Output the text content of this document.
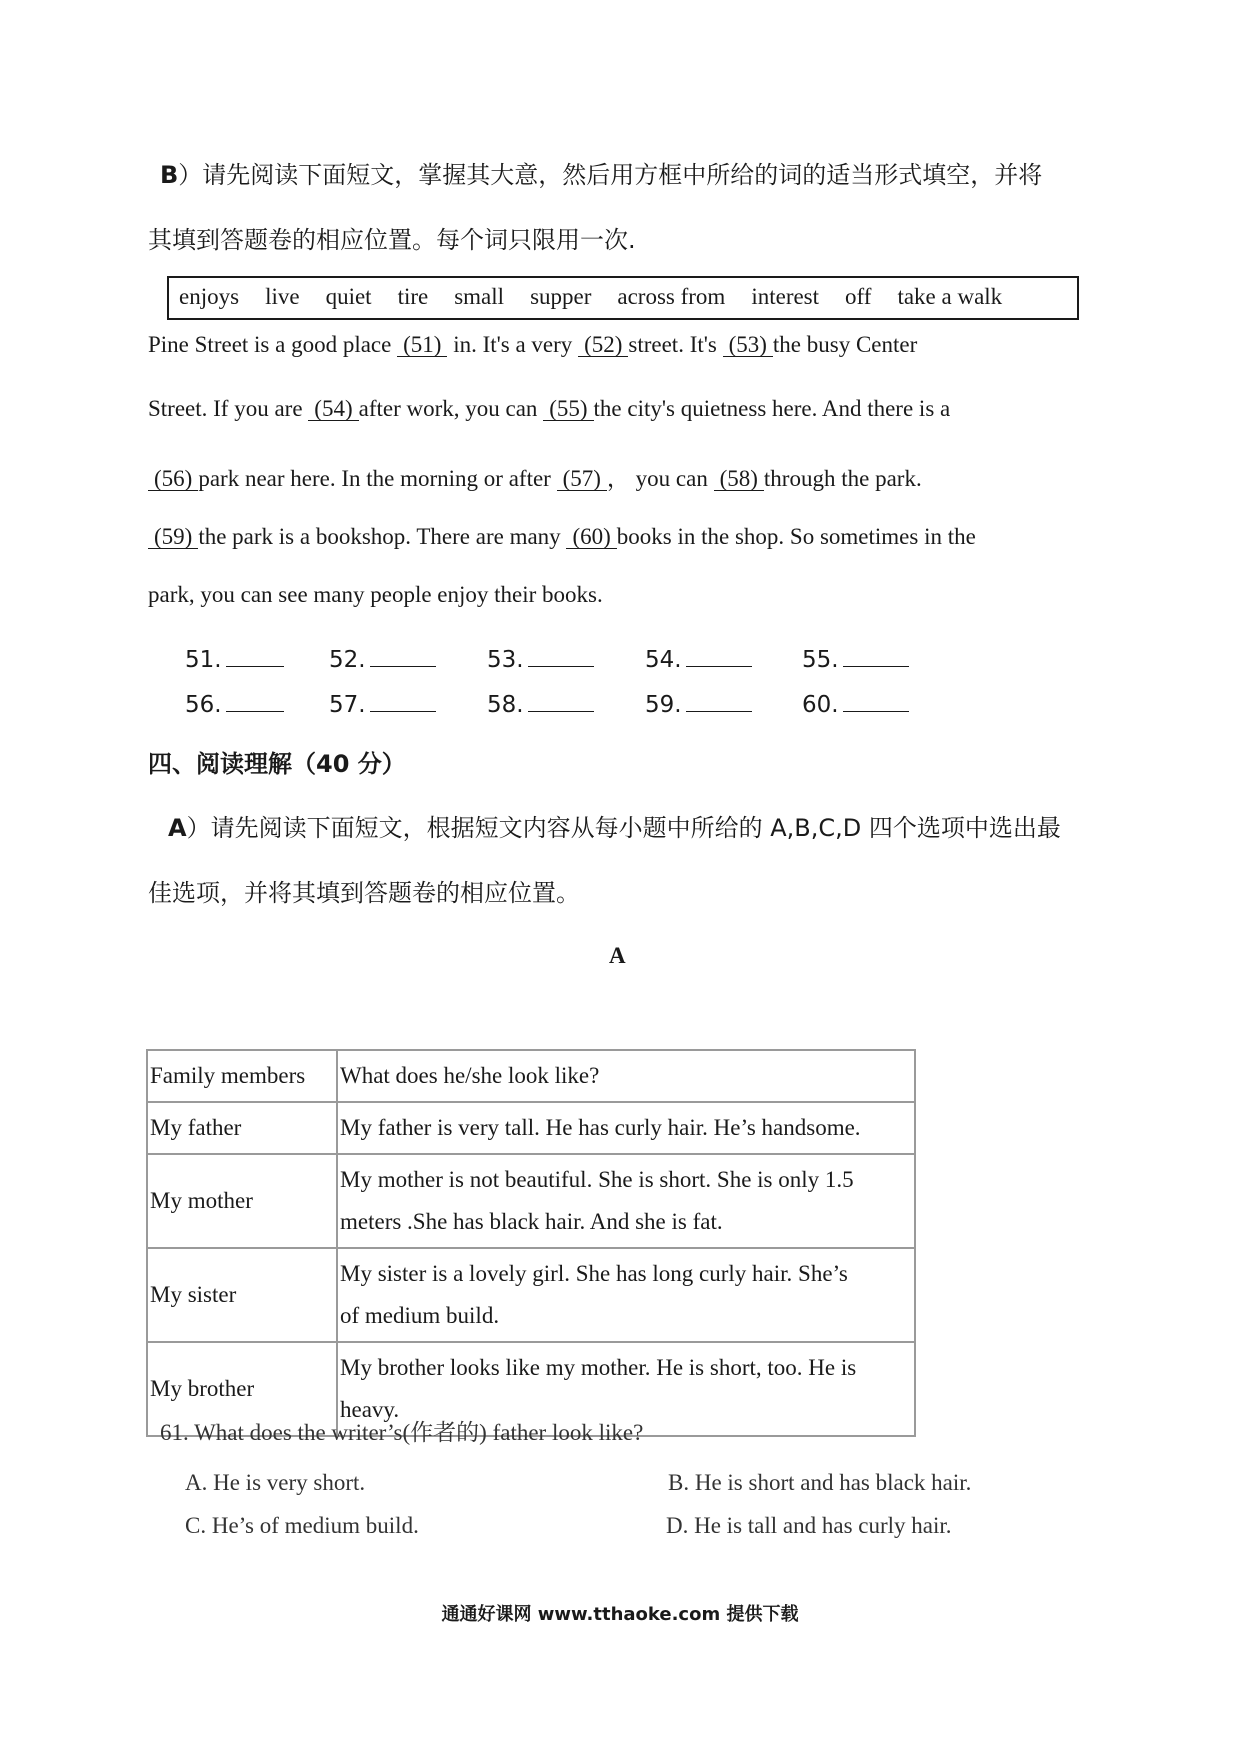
B）请先阅读下面短文，掌握其大意，然后用方框中所给的词的适当形式填空，并将
其填到答题卷的相应位置。每个词只限用一次.
enjoys live quiet tire small supper across from interest off take a walk
Pine Street is a good place (51) in. It's a very (52) street. It's (53) the busy Center
Street. If you are (54) after work, you can (55) the city's quietness here. And there is a
(56) park near here. In the morning or after (57) ， you can (58) through the park.
(59) the park is a bookshop. There are many (60) books in the shop. So sometimes in the
park, you can see many people enjoy their books.
51.	52.	53.	54.	55.
56.	57.	58.	59.	60.
四、阅读理解（40 分）
A）请先阅读下面短文，根据短文内容从每小题中所给的 A,B,C,D 四个选项中选出最
佳选项，并将其填到答题卷的相应位置。
A
Family members	What does he/she look like?
My father	My father is very tall. He has curly hair. He’s handsome.
My mother	My mother is not beautiful. She is short. She is only 1.5
meters .She has black hair. And she is fat.

My sister	My sister is a lovely girl. She has long curly hair. She’s
of medium build.

My brother	My brother looks like my mother. He is short, too. He is
heavy.
61. What does the writer’s(作者的) father look like?
A. He is very short.	B. He is short and has black hair.
C. He’s of medium build.	D. He is tall and has curly hair.
通通好课网 www.tthaoke.com 提供下载
